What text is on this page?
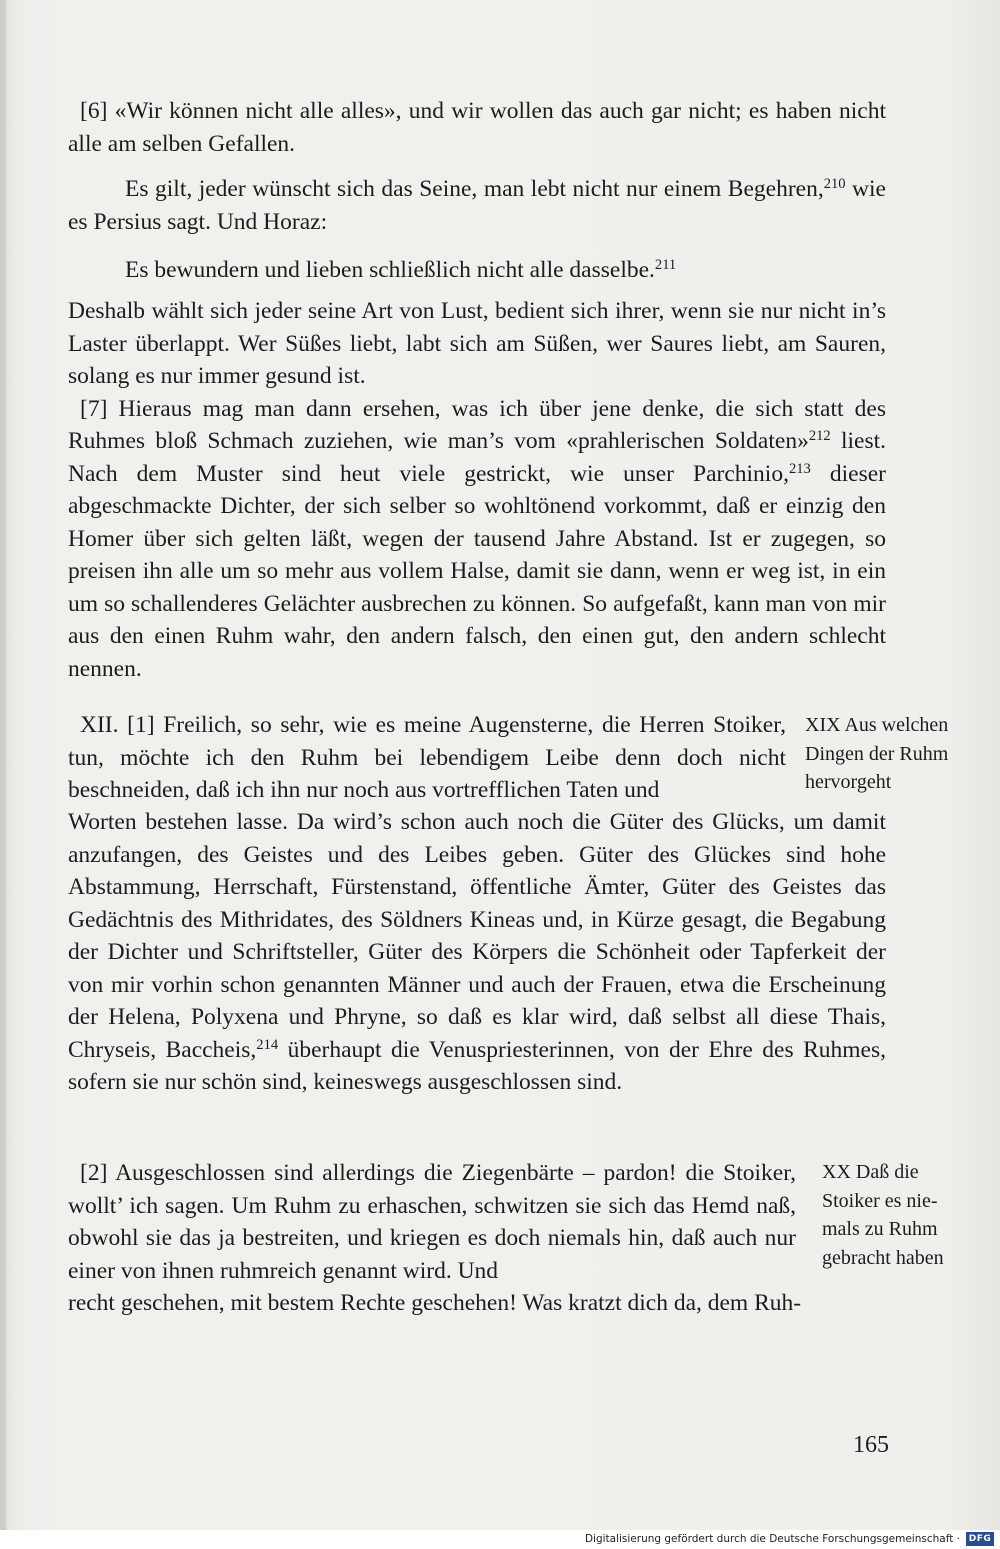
[6] «Wir können nicht alle alles», und wir wollen das auch gar nicht; es haben nicht alle am selben Gefallen.

Es gilt, jeder wünscht sich das Seine, man lebt nicht nur einem Begehren,$^{210}$ wie es Persius sagt. Und Horaz:

Es bewundern und lieben schließlich nicht alle dasselbe.$^{211}$

Deshalb wählt sich jeder seine Art von Lust, bedient sich ihrer, wenn sie nur nicht in’s Laster überlappt. Wer Süßes liebt, labt sich am Süßen, wer Saures liebt, am Sauren, solang es nur immer gesund ist.

[7] Hieraus mag man dann ersehen, was ich über jene denke, die sich statt des Ruhmes bloß Schmach zuziehen, wie man’s vom «prahlerischen Soldaten»$^{212}$ liest. Nach dem Muster sind heut viele gestrickt, wie unser Parchinio,$^{213}$ dieser abgeschmackte Dichter, der sich selber so wohltönend vorkommt, daß er einzig den Homer über sich gelten läßt, wegen der tausend Jahre Abstand. Ist er zugegen, so preisen ihn alle um so mehr aus vollem Halse, damit sie dann, wenn er weg ist, in ein um so schallenderes Gelächter ausbrechen zu können. So aufgefaßt, kann man von mir aus den einen Ruhm wahr, den andern falsch, den einen gut, den andern schlecht nennen.

XII. [1] Freilich, so sehr, wie es meine Augensterne, die Herren Stoiker, tun, möchte ich den Ruhm bei lebendigem Leibe denn doch nicht beschneiden, daß ich ihn nur noch aus vortrefflichen Taten und

XIX Aus welchen
Dingen der Ruhm
hervorgeht

Worten bestehen lasse. Da wird’s schon auch noch die Güter des Glücks, um damit anzufangen, des Geistes und des Leibes geben. Güter des Glückes sind hohe Abstammung, Herrschaft, Fürstenstand, öffentliche Ämter, Güter des Geistes das Gedächtnis des Mithridates, des Söldners Kineas und, in Kürze gesagt, die Begabung der Dichter und Schriftsteller, Güter des Körpers die Schönheit oder Tapferkeit der von mir vorhin schon genannten Männer und auch der Frauen, etwa die Erscheinung der Helena, Polyxena und Phryne, so daß es klar wird, daß selbst all diese Thais, Chryseis, Baccheis,$^{214}$ überhaupt die Venuspriesterinnen, von der Ehre des Ruhmes, sofern sie nur schön sind, keineswegs ausgeschlossen sind.

[2] Ausgeschlossen sind allerdings die Ziegenbärte – pardon! die Stoiker, wollt’ ich sagen. Um Ruhm zu erhaschen, schwitzen sie sich das Hemd naß, obwohl sie das ja bestreiten, und kriegen es doch niemals hin, daß auch nur einer von ihnen ruhmreich genannt wird. Und

XX Daß die
Stoiker es nie-
mals zu Ruhm
gebracht haben

recht geschehen, mit bestem Rechte geschehen! Was kratzt dich da, dem Ruh-

165
Digitalisierung gefördert durch die Deutsche Forschungsgemeinschaft · DFG
